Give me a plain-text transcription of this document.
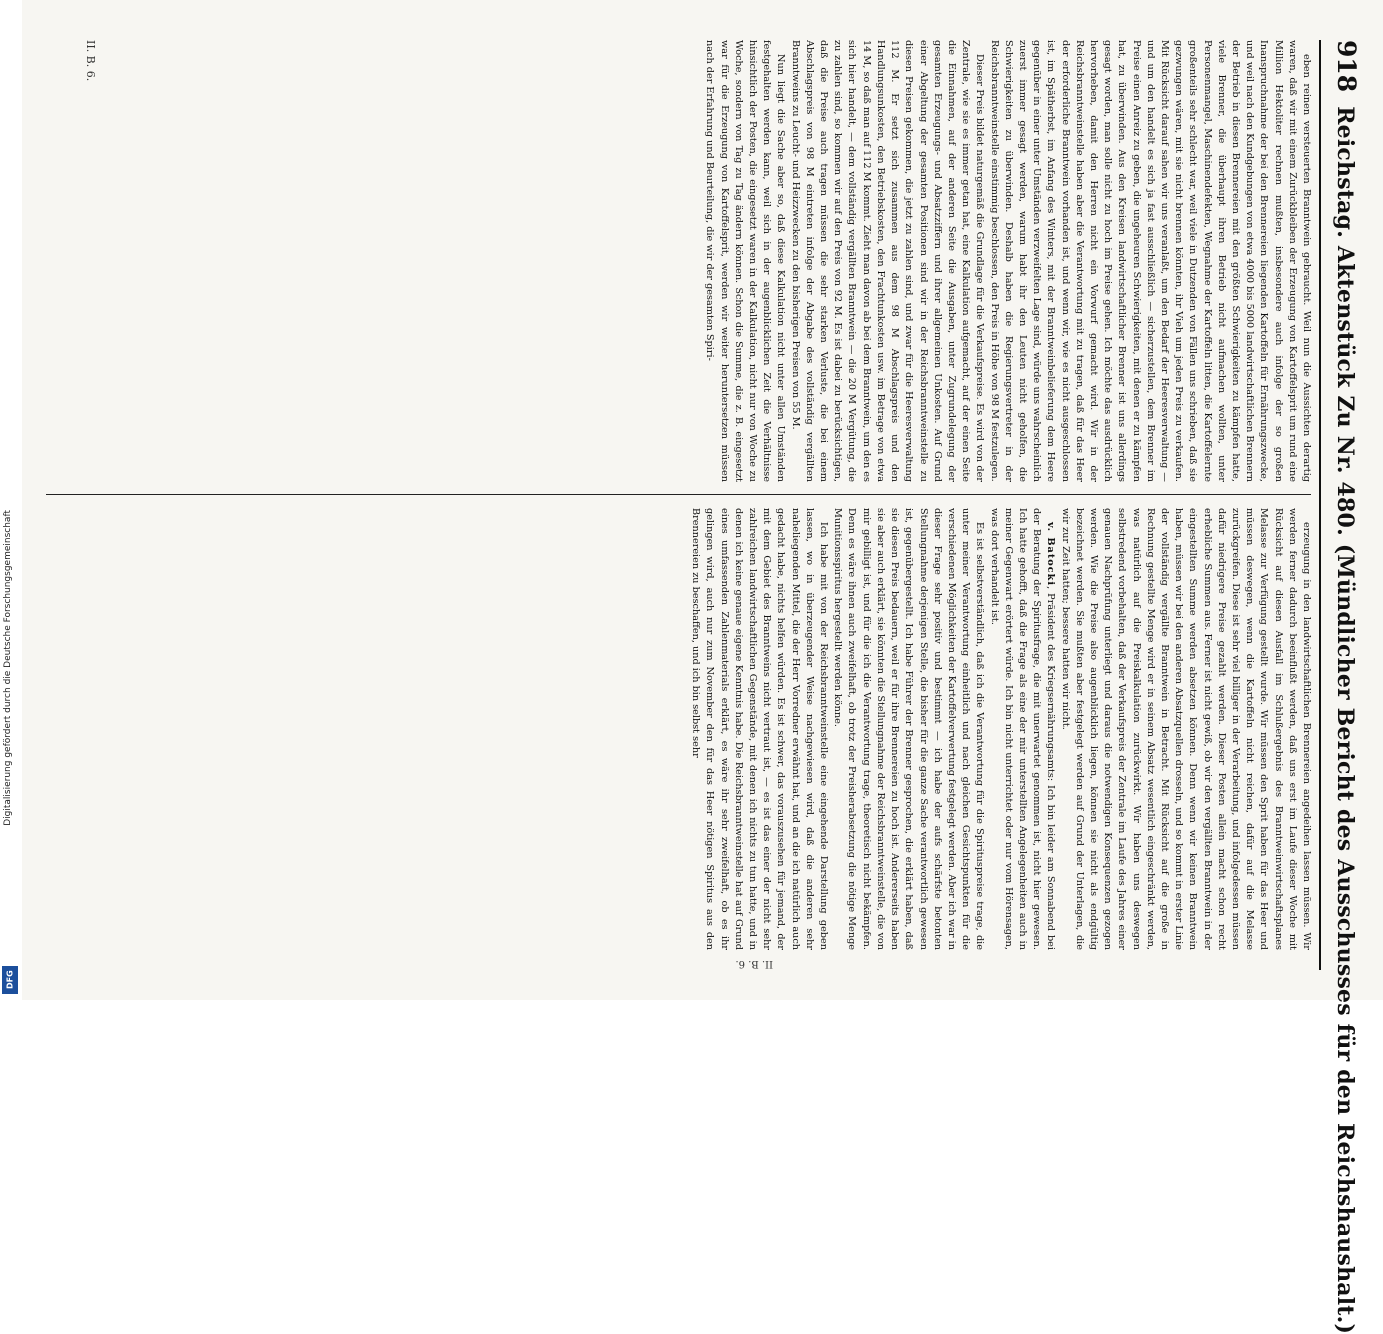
918
Reichstag. Aktenstück Zu Nr. 480. (Mündlicher Bericht des Ausschusses für den Reichshaushalt.)

eben reinen versteuerten Branntwein gebraucht. Weil nun die Aussichten derartig waren, daß wir mit einem Zurückbleiben der Erzeugung von Kartoffelsprit um rund eine Million Hektoliter rechnen mußten, insbesondere auch infolge der so großen Inanspruchnahme der bei den Brennereien liegenden Kartoffeln für Ernährungszwecke, und weil nach den Kundgebungen von etwa 4000 bis 5000 landwirtschaftlichen Brennern der Betrieb in diesen Brennereien mit den größten Schwierigkeiten zu kämpfen hatte, viele Brenner, die überhaupt ihren Betrieb nicht aufmachen wollten, unter Personenmangel, Maschinendefekten, Wegnahme der Kartoffeln litten, die Kartoffelernte großenteils sehr schlecht war, weil viele in Dutzenden von Fällen uns schrieben, daß sie gezwungen wären, mit sie nicht brennen könnten, ihr Vieh um jeden Preis zu verkaufen. Mit Rücksicht darauf sahen wir uns veranlaßt, um den Bedarf der Heeresverwaltung — und um den handelt es sich ja fast ausschließlich — sicherzustellen, dem Brenner im Preise einen Anreiz zu geben, die ungeheuren Schwierigkeiten, mit denen er zu kämpfen hat, zu überwinden. Aus den Kreisen landwirtschaftlicher Brenner ist uns allerdings gesagt worden, man solle nicht zu hoch im Preise gehen. Ich möchte das ausdrücklich hervorheben, damit den Herren nicht ein Vorwurf gemacht wird. Wir in der Reichsbranntweinstelle haben aber die Verantwortung mit zu tragen, daß für das Heer der erforderliche Branntwein vorhanden ist, und wenn wir, wie es nicht ausgeschlossen ist, im Spätherbst, im Anfang des Winters, mit der Branntweinbelieferung dem Heere gegenüber in einer unter Umständen verzweifelten Lage sind, würde uns wahrscheinlich zuerst immer gesagt werden, warum habt ihr den Leuten nicht geholfen, die Schwierigkeiten zu überwinden. Deshalb haben die Regierungsvertreter in der Reichsbranntweinstelle einstimmig beschlossen, den Preis in Höhe von 98 M festzulegen.

Dieser Preis bildet naturgemäß die Grundlage für die Verkaufspreise. Es wird von der Zentrale, wie sie es immer getan hat, eine Kalkulation aufgemacht, auf der einen Seite die Einnahmen, auf der anderen Seite die Ausgaben, unter Zugrundelegung der gesamten Erzeugungs- und Absatzziffern und ihrer allgemeinen Unkosten. Auf Grund einer Abgeltung der gesamten Positionen sind wir in der Reichsbranntweinstelle zu diesen Preisen gekommen, die jetzt zu zahlen sind, und zwar für die Heeresverwaltung 112 M. Er setzt sich zusammen aus dem 98 M Abschlagspreis und den Handlungsunkosten, den Betriebskosten, den Frachtunkosten usw. im Betrage von etwa 14 M, so daß man auf 112 M kommt. Zieht man davon ab bei dem Branntwein, um den es sich hier handelt, — dem vollständig vergällten Branntwein — die 20 M Vergütung, die zu zahlen sind, so kommen wir auf den Preis von 92 M. Es ist dabei zu berücksichtigen, daß die Preise auch tragen müssen die sehr starken Verluste, die bei einem Abschlagspreis von 98 M eintreten infolge der Abgabe des vollständig vergällten Branntweins zu Leucht- und Heizzwecken zu den bisherigen Preisen von 55 M.

Nun liegt die Sache aber so, daß diese Kalkulation nicht unter allen Umständen festgehalten werden kann, weil sich in der augenblicklichen Zeit die Verhältnisse hinsichtlich der Posten, die eingesetzt waren in der Kalkulation, nicht nur von Woche zu Woche, sondern von Tag zu Tag ändern können. Schon die Summe, die z. B. eingesetzt war für die Erzeugung von Kartoffelsprit, werden wir weiter heruntersetzen müssen nach der Erfahrung und Beurteilung, die wir der gesamten Spiri-

erzeugung in den landwirtschaftlichen Brennereien angedeihen lassen müssen. Wir werden ferner dadurch beeinflußt werden, daß uns erst im Laufe dieser Woche mit Rücksicht auf diesen Ausfall im Schlußergebnis des Branntweinwirtschaftsplanes Melasse zur Verfügung gestellt wurde. Wir müssen den Sprit haben für das Heer und müssen deswegen, wenn die Kartoffeln nicht reichen, dafür auf die Melasse zurückgreifen. Diese ist sehr viel billiger in der Verarbeitung, und infolgedessen müssen dafür niedrigere Preise gezahlt werden. Dieser Posten allein macht schon recht erhebliche Summen aus. Ferner ist nicht gewiß, ob wir den vergällten Branntwein in der eingestellten Summe werden absetzen können. Denn wenn wir keinen Branntwein haben, müssen wir bei den anderen Absatzquellen drosseln, und so kommt in erster Linie der vollständig vergällte Branntwein in Betracht. Mit Rücksicht auf die große in Rechnung gestellte Menge wird er in seinem Absatz wesentlich eingeschränkt werden, was natürlich auf die Preiskalkulation zurückwirkt. Wir haben uns deswegen selbstredend vorbehalten, daß der Verkaufspreis der Zentrale im Laufe des Jahres einer genauen Nachprüfung unterliegt und daraus die notwendigen Konsequenzen gezogen werden. Wie die Preise also augenblicklich liegen, können sie nicht als endgültig bezeichnet werden. Sie mußten aber festgelegt werden auf Grund der Unterlagen, die wir zur Zeit hatten; bessere hatten wir nicht.

v. Batocki, Präsident des Kriegsernährungsamts: Ich bin leider am Sonnabend bei der Beratung der Spiritusfrage, die mit unerwartet genommen ist, nicht hier gewesen. Ich hatte gehofft, daß die Frage als eine der mir unterstellten Angelegenheiten auch in meiner Gegenwart erörtert würde. Ich bin nicht unterrichtet oder nur vom Hörensagen, was dort verhandelt ist.

Es ist selbstverständlich, daß ich die Verantwortung für die Spirituspreise trage, die unter meiner Verantwortung einheitlich und nach gleichen Gesichtspunkten für die verschiedenen Möglichkeiten der Kartoffelverwertung festgelegt werden. Aber ich war in dieser Frage sehr positiv und bestimmt — ich habe der aufs schärfste betonten Stellungnahme derjenigen Stelle, die bisher für die ganze Sache verantwortlich gewesen ist, gegenübergestellt. Ich habe Führer der Brenner gesprochen, die erklärt haben, daß sie diesen Preis bedauern, weil er für ihre Brennereien zu hoch ist. Andererseits haben sie aber auch erklärt, sie könnten die Stellungnahme der Reichsbranntweinstelle, die von mir gebilligt ist, und für die ich die Verantwortung trage, theoretisch nicht bekämpfen. Denn es wäre ihnen auch zweifelhaft, ob trotz der Preisherabsetzung die nötige Menge Munitionsspiritus hergestellt werden könne.

Ich habe mit von der Reichsbranntweinstelle eine eingehende Darstellung geben lassen, wo in überzeugender Weise nachgewiesen wird, daß die anderen sehr naheliegenden Mittel, die der Herr Vorredner erwähnt hat, und an die ich natürlich auch gedacht habe, nichts helfen würden. Es ist schwer, das vorauszusehen für jemand, der mit dem Gebiet des Branntweins nicht vertraut ist, — es ist das einer der nicht sehr zahlreichen landwirtschaftlichen Gegenstände, mit denen ich nichts zu tun hatte, und in denen ich keine genaue eigene Kenntnis habe. Die Reichsbranntweinstelle hat auf Grund eines umfassenden Zahlenmaterials erklärt, es wäre ihr sehr zweifelhaft, ob es ihr gelingen wird, auch nur zum November den für das Heer nötigen Spiritus aus den Brennereien zu beschaffen, und ich bin selbst sehr

II. B. 6.
II. B. 6.
Digitalisierung gefördert durch die Deutsche Forschungsgemeinschaft
DFG
